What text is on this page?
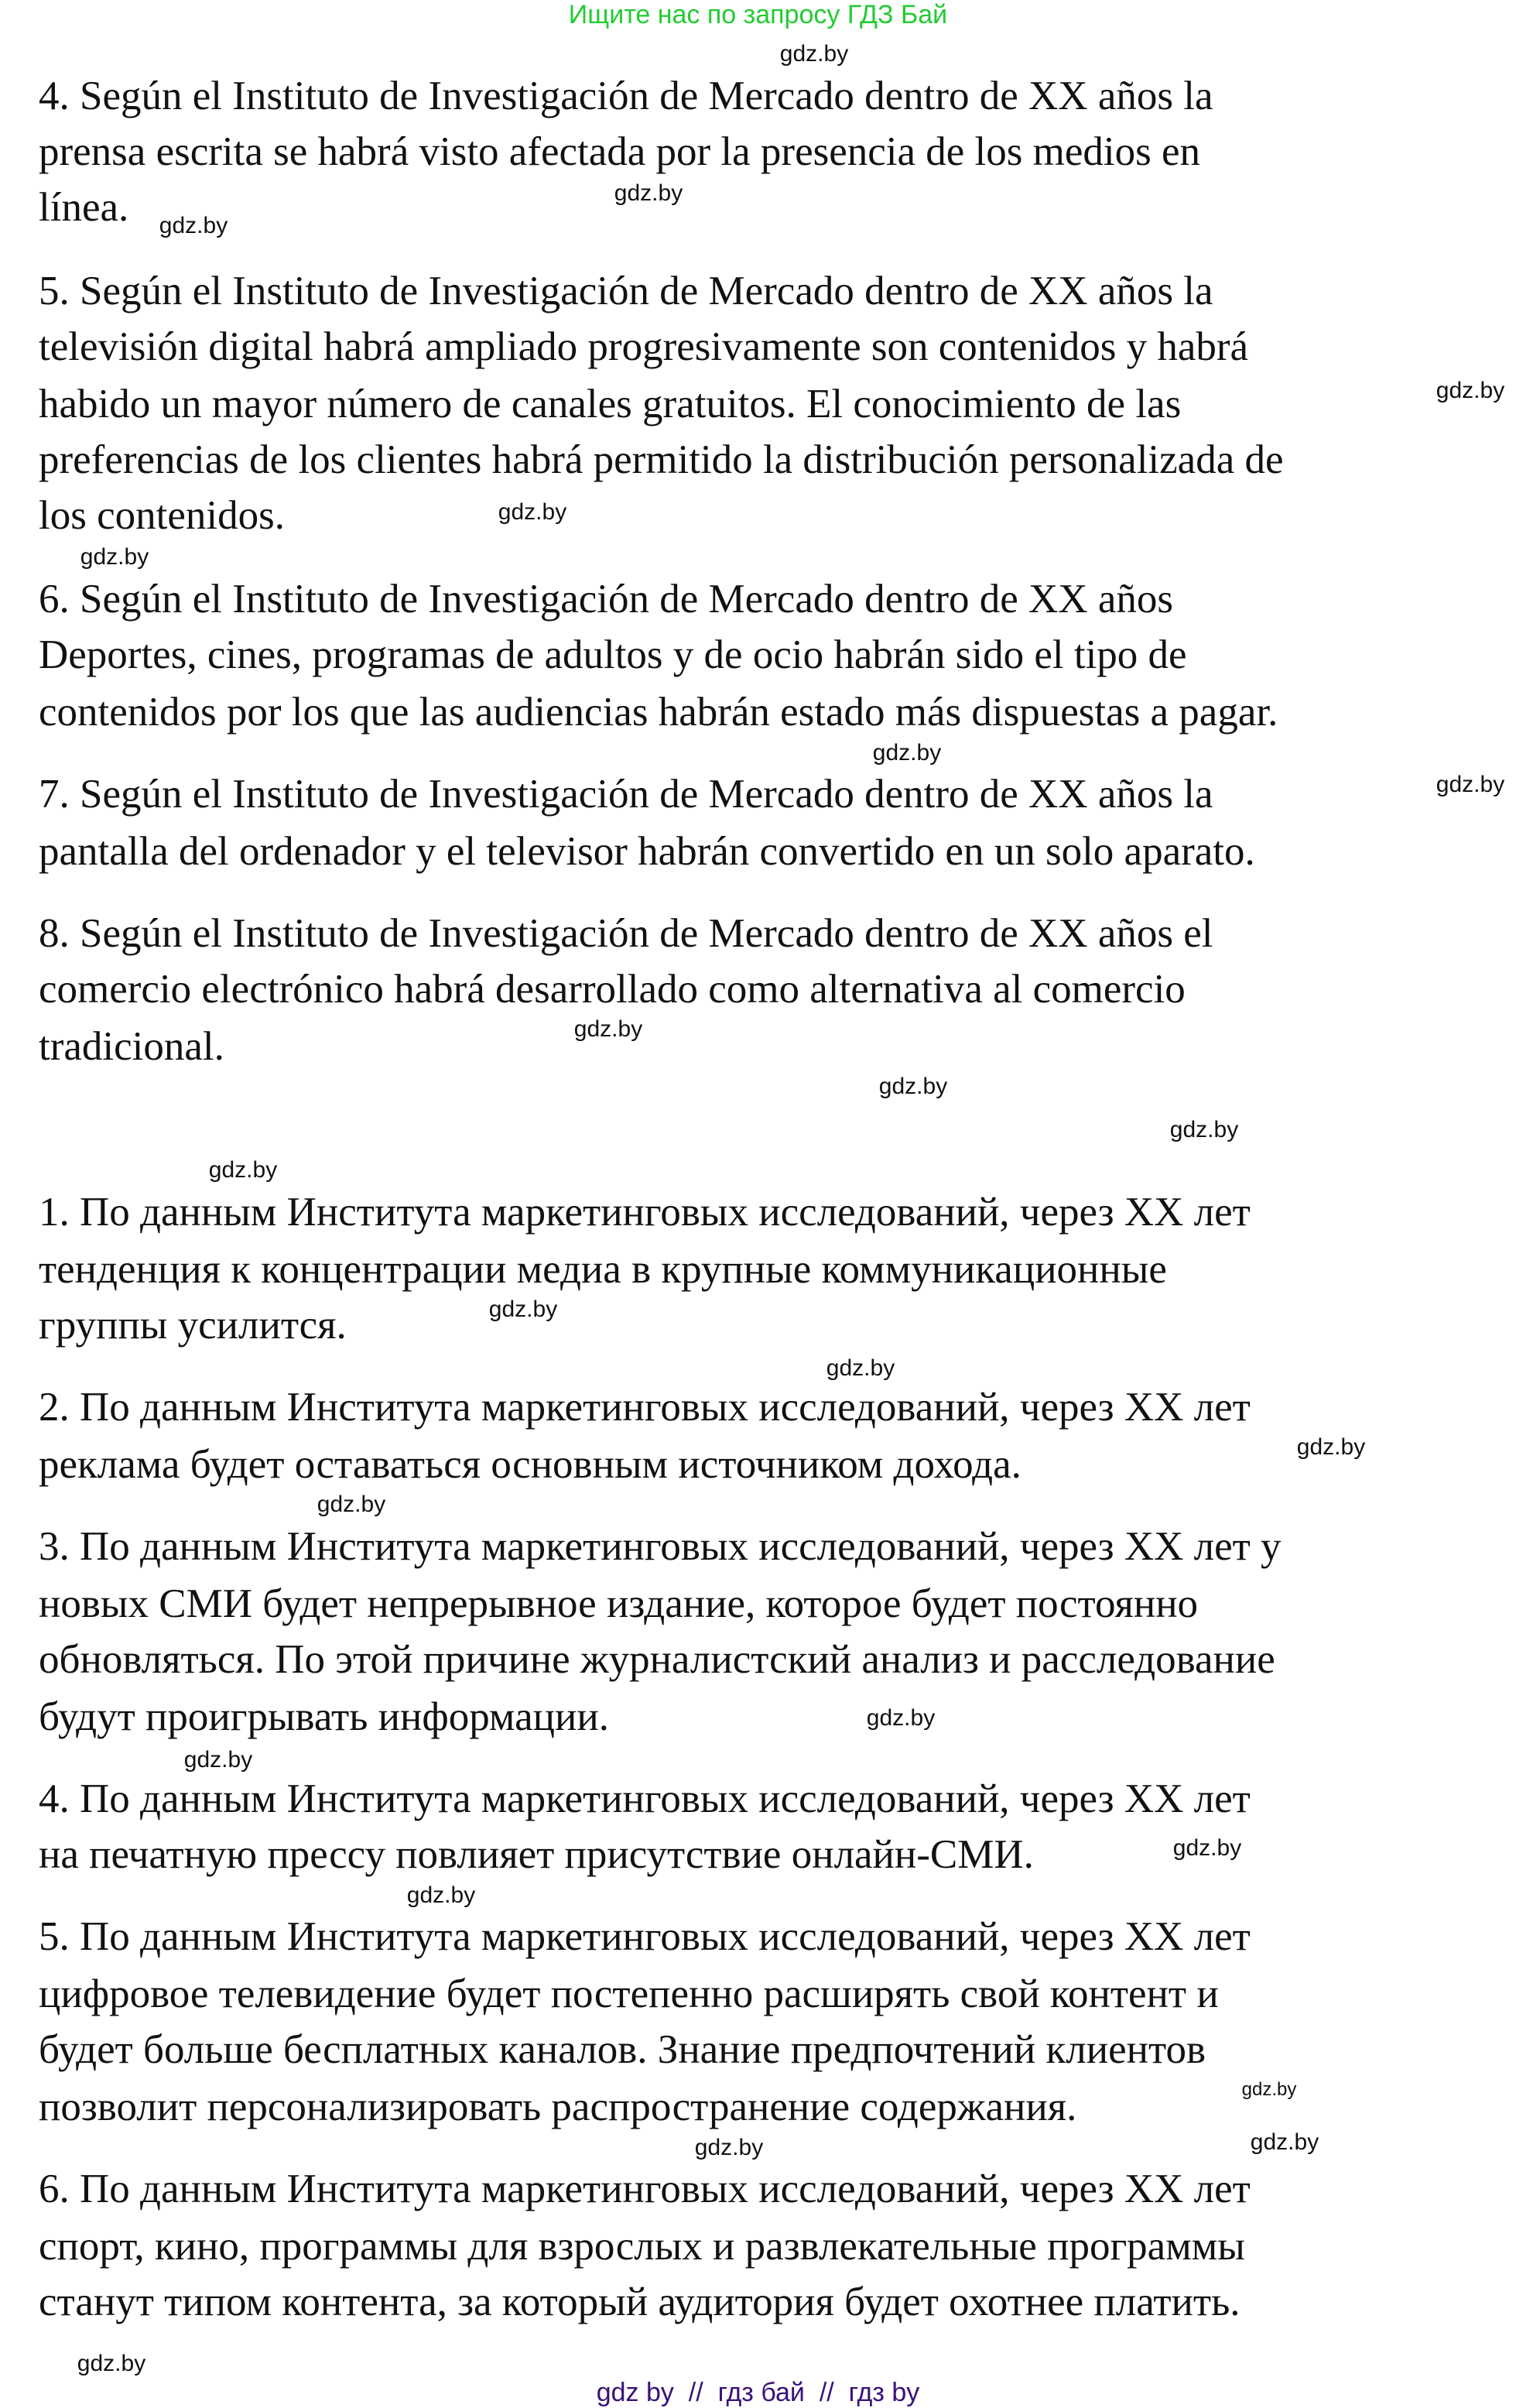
Ищите нас по запросу ГДЗ Бай
4. Según el Instituto de Investigación de Mercado dentro de XX años la
prensa escrita se habrá visto afectada por la presencia de los medios en
línea.
5. Según el Instituto de Investigación de Mercado dentro de XX años la
televisión digital habrá ampliado progresivamente son contenidos y habrá
habido un mayor número de canales gratuitos. El conocimiento de las
preferencias de los clientes habrá permitido la distribución personalizada de
los contenidos.
6. Según el Instituto de Investigación de Mercado dentro de XX años
Deportes, cines, programas de adultos y de ocio habrán sido el tipo de
contenidos por los que las audiencias habrán estado más dispuestas a pagar.
7. Según el Instituto de Investigación de Mercado dentro de XX años la
pantalla del ordenador y el televisor habrán convertido en un solo aparato.
8. Según el Instituto de Investigación de Mercado dentro de XX años el
comercio electrónico habrá desarrollado como alternativa al comercio
tradicional.
1. По данным Института маркетинговых исследований, через XX лет
тенденция к концентрации медиа в крупные коммуникационные
группы усилится.
2. По данным Института маркетинговых исследований, через XX лет
реклама будет оставаться основным источником дохода.
3. По данным Института маркетинговых исследований, через XX лет у
новых СМИ будет непрерывное издание, которое будет постоянно
обновляться. По этой причине журналистский анализ и расследование
будут проигрывать информации.
4. По данным Института маркетинговых исследований, через XX лет
на печатную прессу повлияет присутствие онлайн-СМИ.
5. По данным Института маркетинговых исследований, через XX лет
цифровое телевидение будет постепенно расширять свой контент и
будет больше бесплатных каналов. Знание предпочтений клиентов
позволит персонализировать распространение содержания.
6. По данным Института маркетинговых исследований, через XX лет
спорт, кино, программы для взрослых и развлекательные программы
станут типом контента, за который аудитория будет охотнее платить.
gdz.by
gdz.by
gdz.by
gdz.by
gdz.by
gdz.by
gdz.by
gdz.by
gdz.by
gdz.by
gdz.by
gdz.by
gdz.by
gdz.by
gdz.by
gdz.by
gdz.by
gdz.by
gdz.by
gdz.by
gdz.by
gdz.by
gdz.by
gdz.by
gdz by  //  гдз бай  //  гдз by
